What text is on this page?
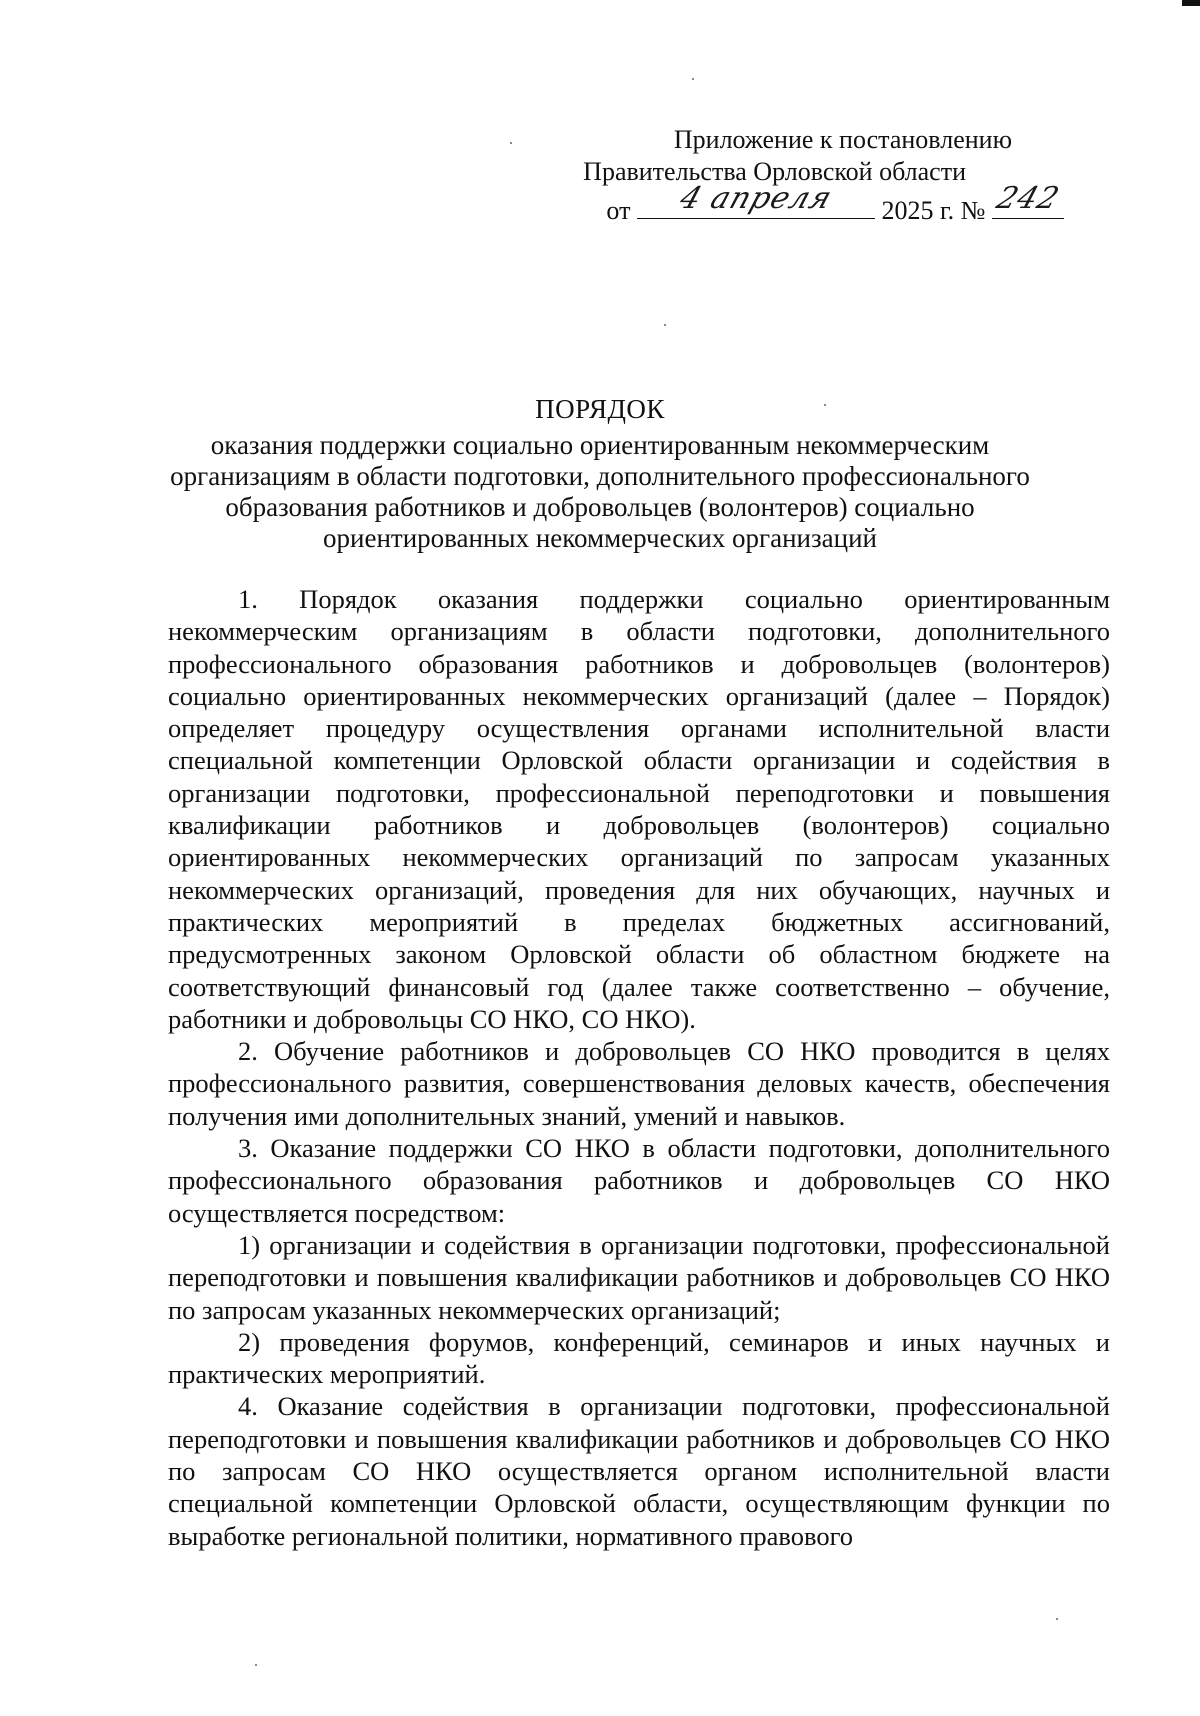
Приложение к постановлению
Правительства Орловской области
от	4 апреля	2025 г. № 242
ПОРЯДОК
оказания поддержки социально ориентированным некоммерческим
организациям в области подготовки, дополнительного профессионального
образования работников и добровольцев (волонтеров) социально
ориентированных некоммерческих организаций

1. Порядок оказания поддержки социально ориентированным некоммерческим организациям в области подготовки, дополнительного профессионального образования работников и добровольцев (волонтеров) социально ориентированных некоммерческих организаций (далее – Порядок) определяет процедуру осуществления органами исполнительной власти специальной компетенции Орловской области организации и содействия в организации подготовки, профессиональной переподготовки и повышения квалификации работников и добровольцев (волонтеров) социально ориентированных некоммерческих организаций по запросам указанных некоммерческих организаций, проведения для них обучающих, научных и практических мероприятий в пределах бюджетных ассигнований, предусмотренных законом Орловской области об областном бюджете на соответствующий финансовый год (далее также соответственно – обучение, работники и добровольцы СО НКО, СО НКО).

2. Обучение работников и добровольцев СО НКО проводится в целях профессионального развития, совершенствования деловых качеств, обеспечения получения ими дополнительных знаний, умений и навыков.

3. Оказание поддержки СО НКО в области подготовки, дополнительного профессионального образования работников и добровольцев СО НКО осуществляется посредством:

1) организации и содействия в организации подготовки, профессиональной переподготовки и повышения квалификации работников и добровольцев СО НКО по запросам указанных некоммерческих организаций;

2) проведения форумов, конференций, семинаров и иных научных и практических мероприятий.

4. Оказание содействия в организации подготовки, профессиональной переподготовки и повышения квалификации работников и добровольцев СО НКО по запросам СО НКО осуществляется органом исполнительной власти специальной компетенции Орловской области, осуществляющим функции по выработке региональной политики, нормативного правового
